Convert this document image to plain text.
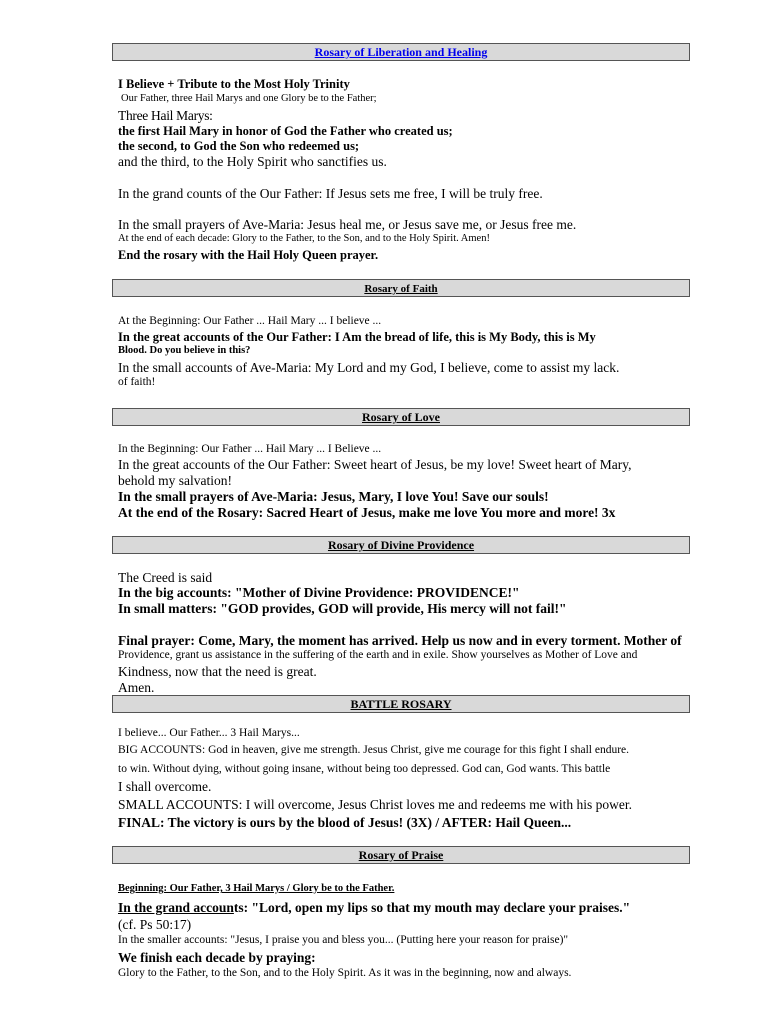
Rosary of Liberation and Healing
I Believe + Tribute to the Most Holy Trinity
Our Father, three Hail Marys and one Glory be to the Father;
Three Hail Marys:
the first Hail Mary in honor of God the Father who created us;
the second, to God the Son who redeemed us;
and the third, to the Holy Spirit who sanctifies us.
In the grand counts of the Our Father: If Jesus sets me free, I will be truly free.
In the small prayers of Ave-Maria: Jesus heal me, or Jesus save me, or Jesus free me.
At the end of each decade: Glory to the Father, to the Son, and to the Holy Spirit. Amen!
End the rosary with the Hail Holy Queen prayer.
Rosary of Faith
At the Beginning: Our Father ... Hail Mary ... I believe ...
In the great accounts of the Our Father: I Am the bread of life, this is My Body, this is My
Blood. Do you believe in this?
In the small accounts of Ave-Maria: My Lord and my God, I believe, come to assist my lack.
of faith!
Rosary of Love
In the Beginning: Our Father ... Hail Mary ... I Believe ...
In the great accounts of the Our Father: Sweet heart of Jesus, be my love! Sweet heart of Mary,
behold my salvation!
In the small prayers of Ave-Maria: Jesus, Mary, I love You! Save our souls!
At the end of the Rosary: Sacred Heart of Jesus, make me love You more and more! 3x
Rosary of Divine Providence
The Creed is said
In the big accounts: "Mother of Divine Providence: PROVIDENCE!"
In small matters: "GOD provides, GOD will provide, His mercy will not fail!"
Final prayer: Come, Mary, the moment has arrived. Help us now and in every torment. Mother of
Providence, grant us assistance in the suffering of the earth and in exile. Show yourselves as Mother of Love and
Kindness, now that the need is great.
Amen.
BATTLE ROSARY
I believe... Our Father... 3 Hail Marys...
BIG ACCOUNTS: God in heaven, give me strength. Jesus Christ, give me courage for this fight I shall endure.
to win. Without dying, without going insane, without being too depressed. God can, God wants. This battle
I shall overcome.
SMALL ACCOUNTS: I will overcome, Jesus Christ loves me and redeems me with his power.
FINAL: The victory is ours by the blood of Jesus! (3X) / AFTER: Hail Queen...
Rosary of Praise
Beginning: Our Father, 3 Hail Marys / Glory be to the Father.
In the grand accounts: "Lord, open my lips so that my mouth may declare your praises."
(cf. Ps 50:17)
In the smaller accounts: "Jesus, I praise you and bless you... (Putting here your reason for praise)"
We finish each decade by praying:
Glory to the Father, to the Son, and to the Holy Spirit. As it was in the beginning, now and always.
